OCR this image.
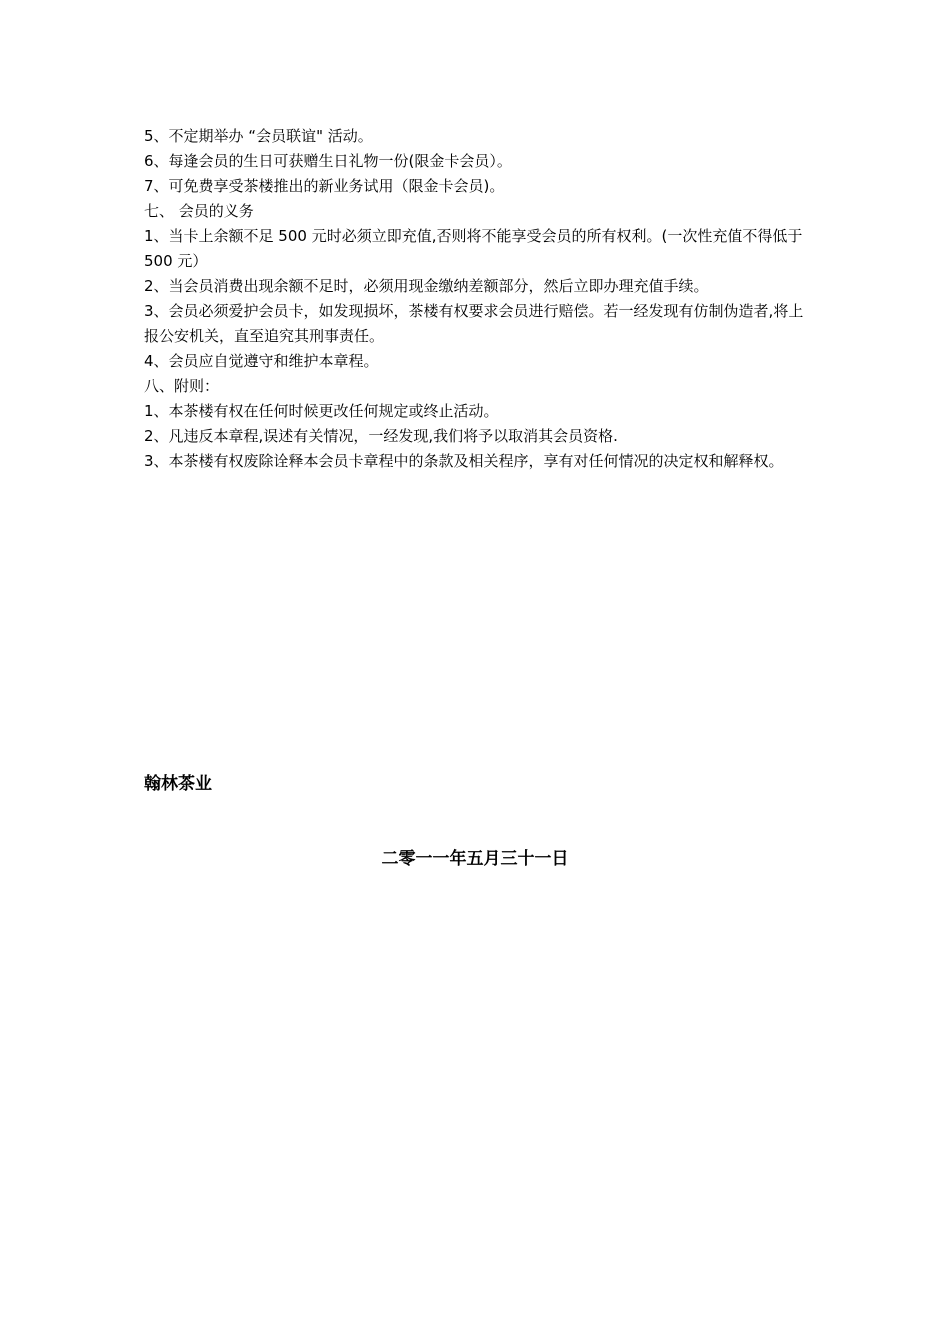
5、不定期举办 “会员联谊" 活动。

6、每逢会员的生日可获赠生日礼物一份(限金卡会员）。

7、可免费享受茶楼推出的新业务试用（限金卡会员)。

七、 会员的义务

1、当卡上余额不足 500 元时必须立即充值,否则将不能享受会员的所有权利。(一次性充值不得低于 500 元）

2、当会员消费出现余额不足时，必须用现金缴纳差额部分，然后立即办理充值手续。

3、会员必须爱护会员卡，如发现损坏，茶楼有权要求会员进行赔偿。若一经发现有仿制伪造者,将上报公安机关，直至追究其刑事责任。

4、会员应自觉遵守和维护本章程。

八、附则：

1、本茶楼有权在任何时候更改任何规定或终止活动。

2、凡违反本章程,误述有关情况，一经发现,我们将予以取消其会员资格.

3、本茶楼有权废除诠释本会员卡章程中的条款及相关程序，享有对任何情况的决定权和解释权。

翰林茶业

二零一一年五月三十一日
